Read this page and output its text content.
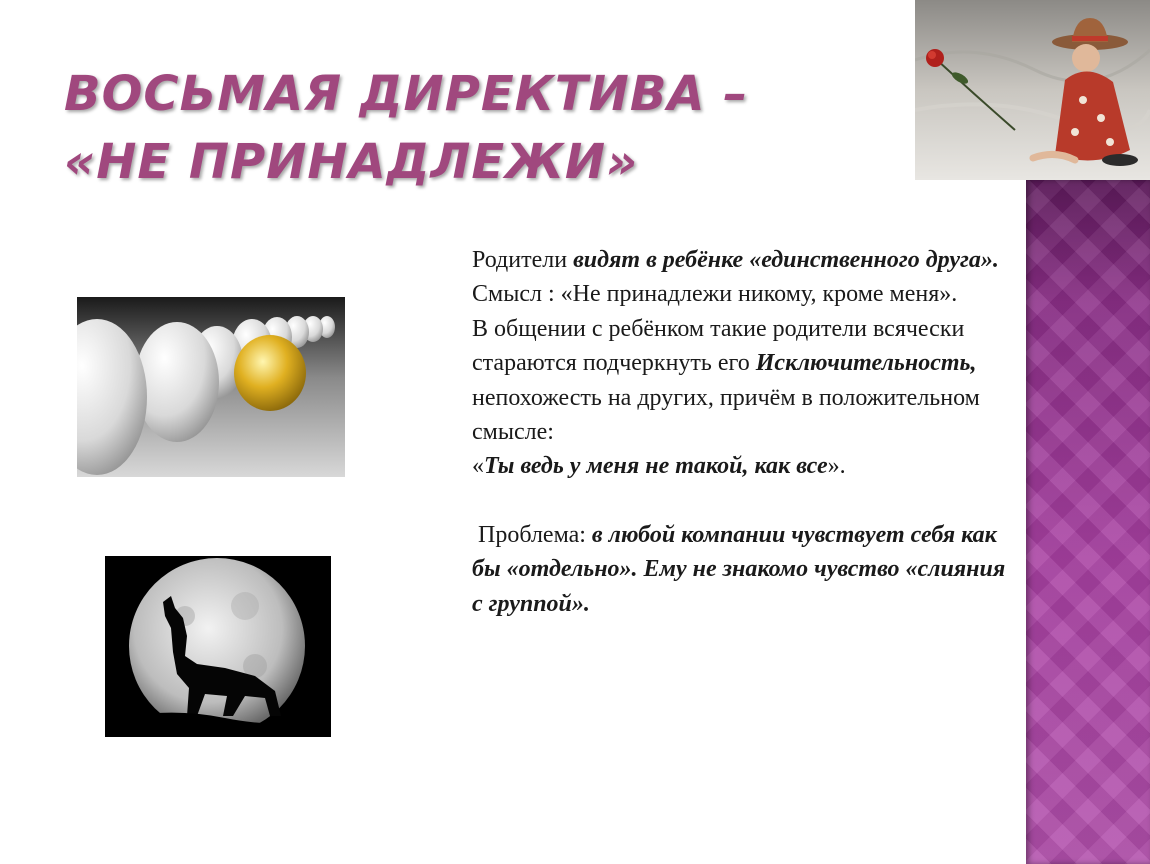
ВОСЬМАЯ ДИРЕКТИВА – «НЕ ПРИНАДЛЕЖИ»

Родители видят в ребёнке «единственного друга».

Смысл : «Не принадлежи никому, кроме меня».

В общении с ребёнком такие родители всячески стараются подчеркнуть его Исключительность, непохожесть на других, причём в положительном смысле:

«Ты ведь у меня не такой, как все».

Проблема: в любой компании чувствует себя как бы «отдельно». Ему не знакомо чувство «слияния с группой».
